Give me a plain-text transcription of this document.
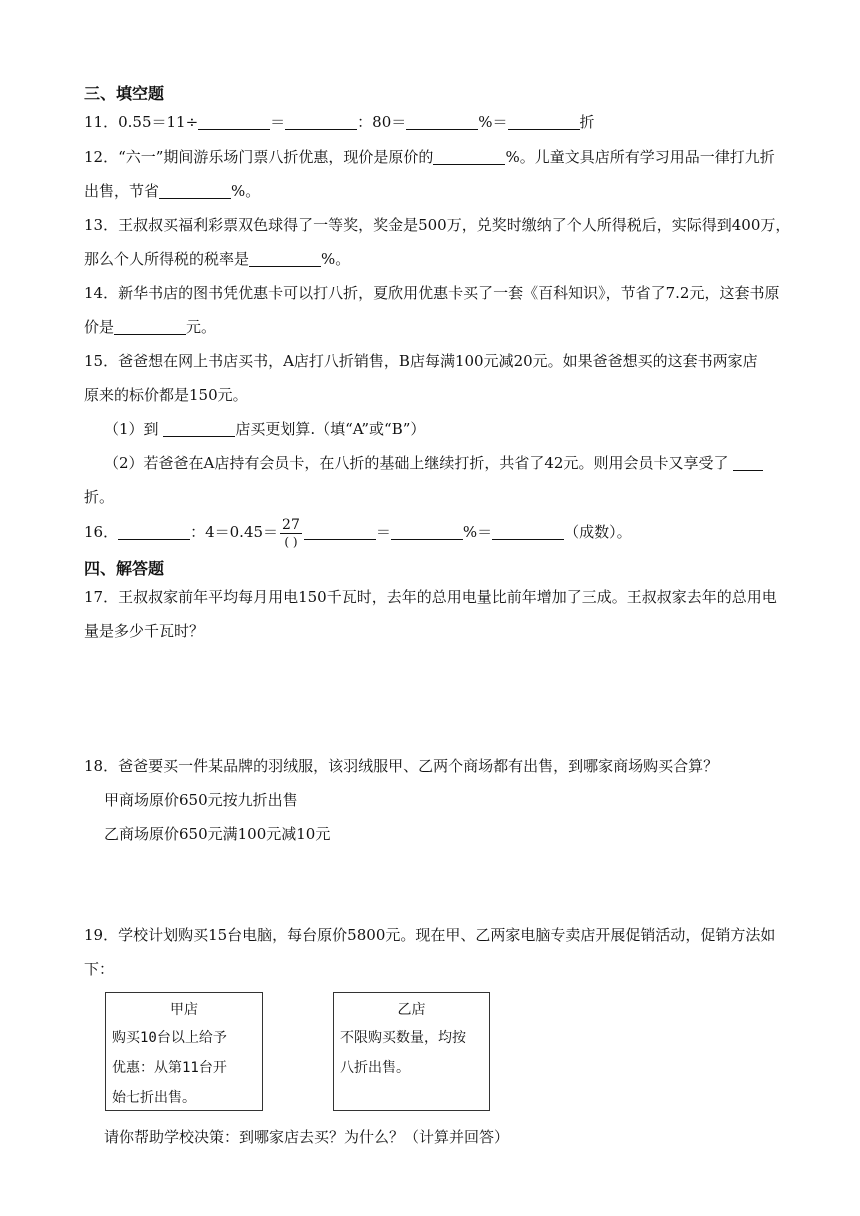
三、填空题
11．0.55＝11÷	＝	：80＝	%＝	折
12．“六一”期间游乐场门票八折优惠，现价是原价的	%。儿童文具店所有学习用品一律打九折
出售，节省	%。
13．王叔叔买福利彩票双色球得了一等奖，奖金是500万，兑奖时缴纳了个人所得税后，实际得到400万，
那么个人所得税的税率是	%。
14．新华书店的图书凭优惠卡可以打八折，夏欣用优惠卡买了一套《百科知识》，节省了7.2元，这套书原
价是	元。
15．爸爸想在网上书店买书，A店打八折销售，B店每满100元减20元。如果爸爸想买的这套书两家店
原来的标价都是150元。
（1）到	店买更划算.（填“A”或“B”）
（2）若爸爸在A店持有会员卡，在八折的基础上继续打折，共省了42元。则用会员卡又享受了
折。
16．	：$4=0.45= \frac{27}{( )}$	＝	%＝	（成数）。
四、解答题
17．王叔叔家前年平均每月用电150千瓦时，去年的总用电量比前年增加了三成。王叔叔家去年的总用电
量是多少千瓦时？
18．爸爸要买一件某品牌的羽绒服，该羽绒服甲、乙两个商场都有出售，到哪家商场购买合算？
甲商场原价650元按九折出售
乙商场原价650元满100元减10元
19．学校计划购买15台电脑，每台原价5800元。现在甲、乙两家电脑专卖店开展促销活动，促销方法如
下：
甲店
购买10台以上给予
优惠：从第11台开
始七折出售。
乙店
不限购买数量，均按
八折出售。
请你帮助学校决策：到哪家店去买？为什么？（计算并回答）
